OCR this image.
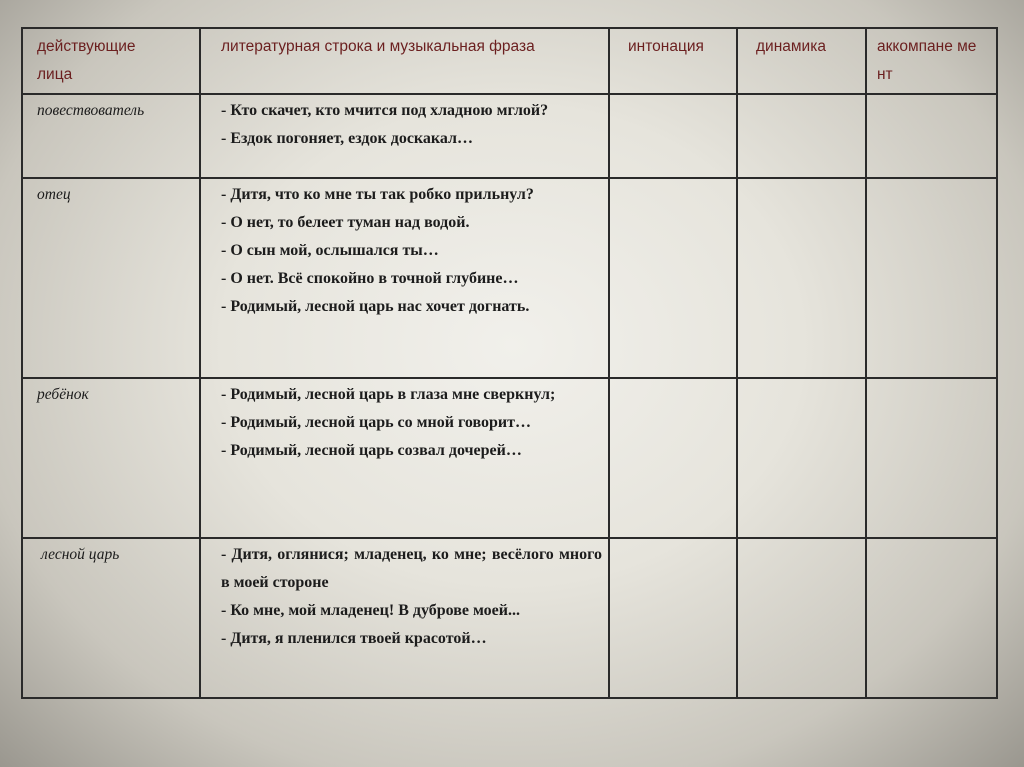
действующие лица	литературная строка и музыкальная фраза	интонация	динамика	аккомпане мент

повествователь	- Кто скачет, кто мчится под хладною мглой?
- Ездок погоняет, ездок доскакал…			

отец	- Дитя, что ко мне ты так робко прильнул?
- О нет, то белеет туман над водой.
- О сын мой, ослышался ты…
- О нет. Всё спокойно в точной глубине…
- Родимый, лесной царь нас хочет догнать.			

ребёнок	- Родимый, лесной царь в глаза мне сверкнул;
- Родимый, лесной царь со мной говорит…
- Родимый, лесной царь созвал дочерей…			

лесной царь	- Дитя, оглянися; младенец, ко мне; весёлого много в моей стороне
- Ко мне, мой младенец! В дуброве моей...
- Дитя, я пленился твоей красотой…			
